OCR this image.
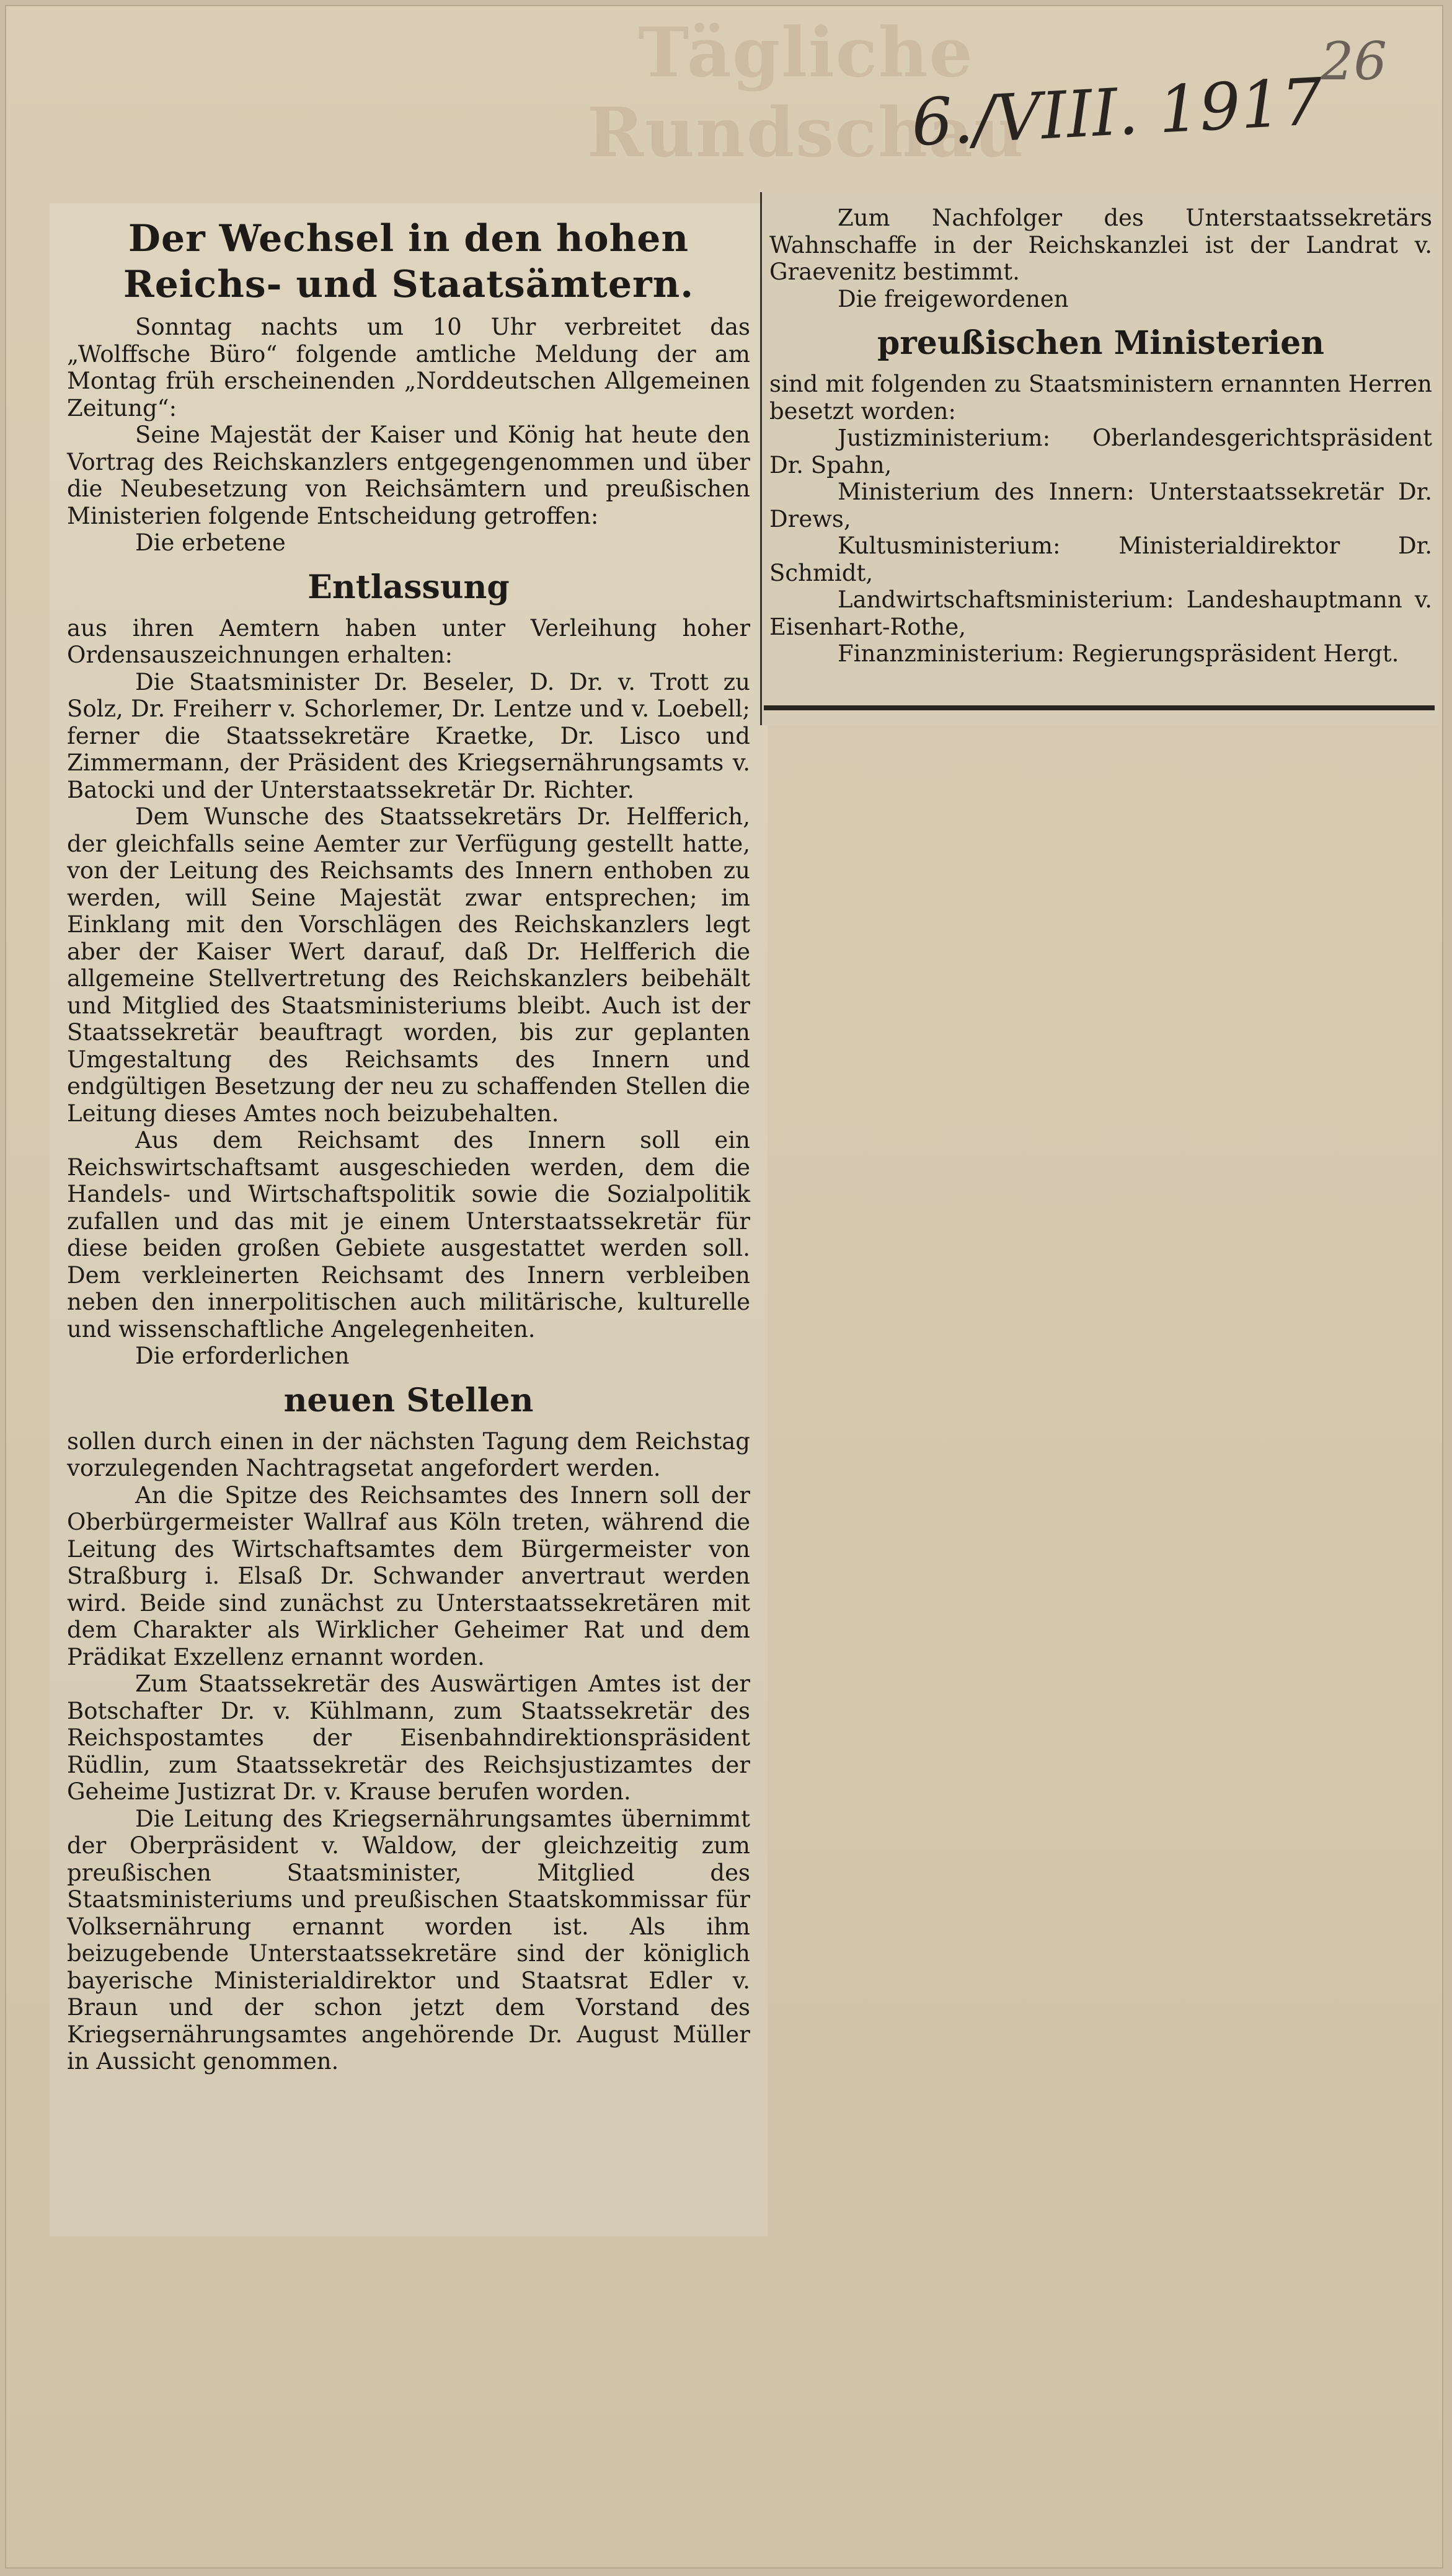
Tägliche Rundschau
6./VIII. 1917
26
Der Wechsel in den hohen Reichs- und Staatsämtern.

Sonntag nachts um 10 Uhr verbreitet das „Wolffsche Büro“ folgende amtliche Meldung der am Montag früh erscheinenden „Norddeutschen Allgemeinen Zeitung“:

Seine Majestät der Kaiser und König hat heute den Vortrag des Reichskanzlers entgegengenommen und über die Neubesetzung von Reichsämtern und preußischen Ministerien folgende Entscheidung getroffen:

Die erbetene

Entlassung

aus ihren Aemtern haben unter Verleihung hoher Ordensauszeichnungen erhalten:

Die Staatsminister Dr. Beseler, D. Dr. v. Trott zu Solz, Dr. Freiherr v. Schorlemer, Dr. Lentze und v. Loebell; ferner die Staatssekretäre Kraetke, Dr. Lisco und Zimmermann, der Präsident des Kriegsernährungsamts v. Batocki und der Unterstaatssekretär Dr. Richter.

Dem Wunsche des Staatssekretärs Dr. Helfferich, der gleichfalls seine Aemter zur Verfügung gestellt hatte, von der Leitung des Reichsamts des Innern enthoben zu werden, will Seine Majestät zwar entsprechen; im Einklang mit den Vorschlägen des Reichskanzlers legt aber der Kaiser Wert darauf, daß Dr. Helfferich die allgemeine Stellvertretung des Reichskanzlers beibehält und Mitglied des Staatsministeriums bleibt. Auch ist der Staatssekretär beauftragt worden, bis zur geplanten Umgestaltung des Reichsamts des Innern und endgültigen Besetzung der neu zu schaffenden Stellen die Leitung dieses Amtes noch beizubehalten.

Aus dem Reichsamt des Innern soll ein Reichswirtschaftsamt ausgeschieden werden, dem die Handels- und Wirtschaftspolitik sowie die Sozialpolitik zufallen und das mit je einem Unterstaatssekretär für diese beiden großen Gebiete ausgestattet werden soll. Dem verkleinerten Reichsamt des Innern verbleiben neben den innerpolitischen auch militärische, kulturelle und wissenschaftliche Angelegenheiten.

Die erforderlichen

neuen Stellen

sollen durch einen in der nächsten Tagung dem Reichstag vorzulegenden Nachtragsetat angefordert werden.

An die Spitze des Reichsamtes des Innern soll der Oberbürgermeister Wallraf aus Köln treten, während die Leitung des Wirtschaftsamtes dem Bürgermeister von Straßburg i. Elsaß Dr. Schwander anvertraut werden wird. Beide sind zunächst zu Unterstaatssekretären mit dem Charakter als Wirklicher Geheimer Rat und dem Prädikat Exzellenz ernannt worden.

Zum Staatssekretär des Auswärtigen Amtes ist der Botschafter Dr. v. Kühlmann, zum Staatssekretär des Reichspostamtes der Eisenbahndirektionspräsident Rüdlin, zum Staatssekretär des Reichsjustizamtes der Geheime Justizrat Dr. v. Krause berufen worden.

Die Leitung des Kriegsernährungsamtes übernimmt der Oberpräsident v. Waldow, der gleichzeitig zum preußischen Staatsminister, Mitglied des Staatsministeriums und preußischen Staatskommissar für Volksernährung ernannt worden ist. Als ihm beizugebende Unterstaatssekretäre sind der königlich bayerische Ministerialdirektor und Staatsrat Edler v. Braun und der schon jetzt dem Vorstand des Kriegsernährungsamtes angehörende Dr. August Müller in Aussicht genommen.

Zum Nachfolger des Unterstaatssekretärs Wahnschaffe in der Reichskanzlei ist der Landrat v. Graevenitz bestimmt.

Die freigewordenen

preußischen Ministerien

sind mit folgenden zu Staatsministern ernannten Herren besetzt worden:

Justizministerium: Oberlandesgerichtspräsident Dr. Spahn,

Ministerium des Innern: Unterstaatssekretär Dr. Drews,

Kultusministerium: Ministerialdirektor Dr. Schmidt,

Landwirtschaftsministerium: Landeshauptmann v. Eisenhart-Rothe,

Finanzministerium: Regierungspräsident Hergt.
